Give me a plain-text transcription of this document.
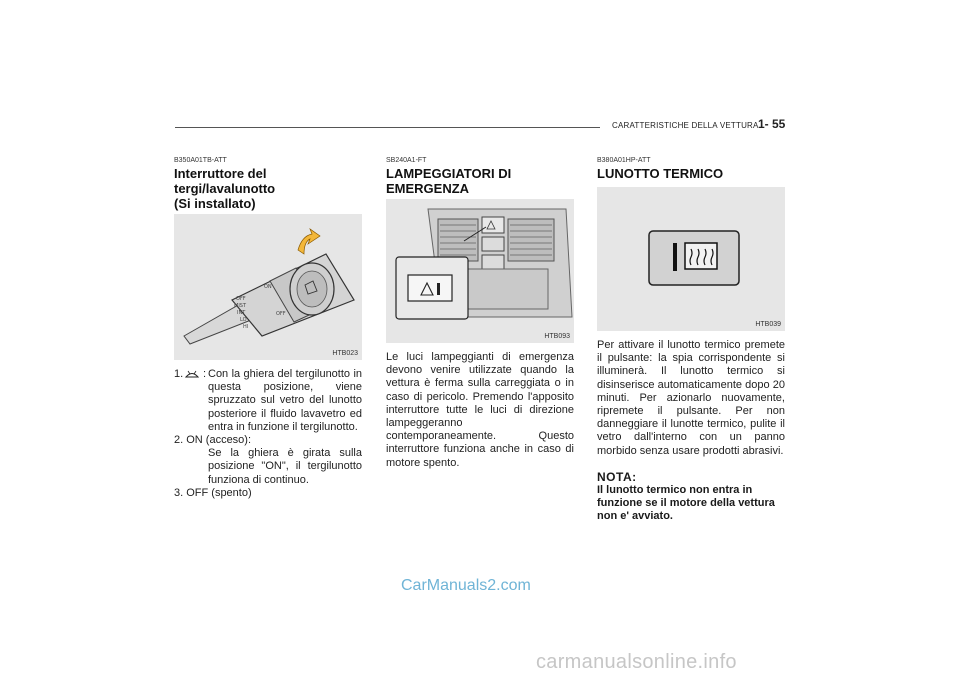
CARATTERISTICHE DELLA VETTURA 1- 55
B350A01TB-ATT
Interruttore del tergi/lavalunotto
(Si installato)
OFF
ON
OFF
MIST
INT
LO
HI
HTB023
1. : Con la ghiera del tergilunotto in questa posizione, viene spruzzato sul vetro del lunotto posteriore il fluido lavavetro ed entra in funzione il tergilunotto.
2. ON (acceso):
Se la ghiera è girata sulla posizione "ON", il tergilunotto funziona di continuo.
3. OFF (spento)
SB240A1-FT
LAMPEGGIATORI DI
EMERGENZA
HTB093
Le luci lampeggianti di emergenza devono venire utilizzate quando la vettura è ferma sulla carreggiata o in caso di pericolo. Premendo l'apposito interruttore tutte le luci di direzione lampeggeranno contemporaneamente. Questo interruttore funziona anche in caso di motore spento.
B380A01HP-ATT
LUNOTTO TERMICO
HTB039
Per attivare il lunotto termico premete il pulsante: la spia corrispondente si illuminerà. Il lunotto termico si disinserisce automaticamente dopo 20 minuti. Per azionarlo nuovamente, ripremete il pulsante. Per non danneggiare il lunotte termico, pulite il vetro dall'interno con un panno morbido senza usare prodotti abrasivi.
NOTA:
Il lunotto termico non entra in funzione se il motore della vettura non e' avviato.
CarManuals2.com
carmanualsonline.info
